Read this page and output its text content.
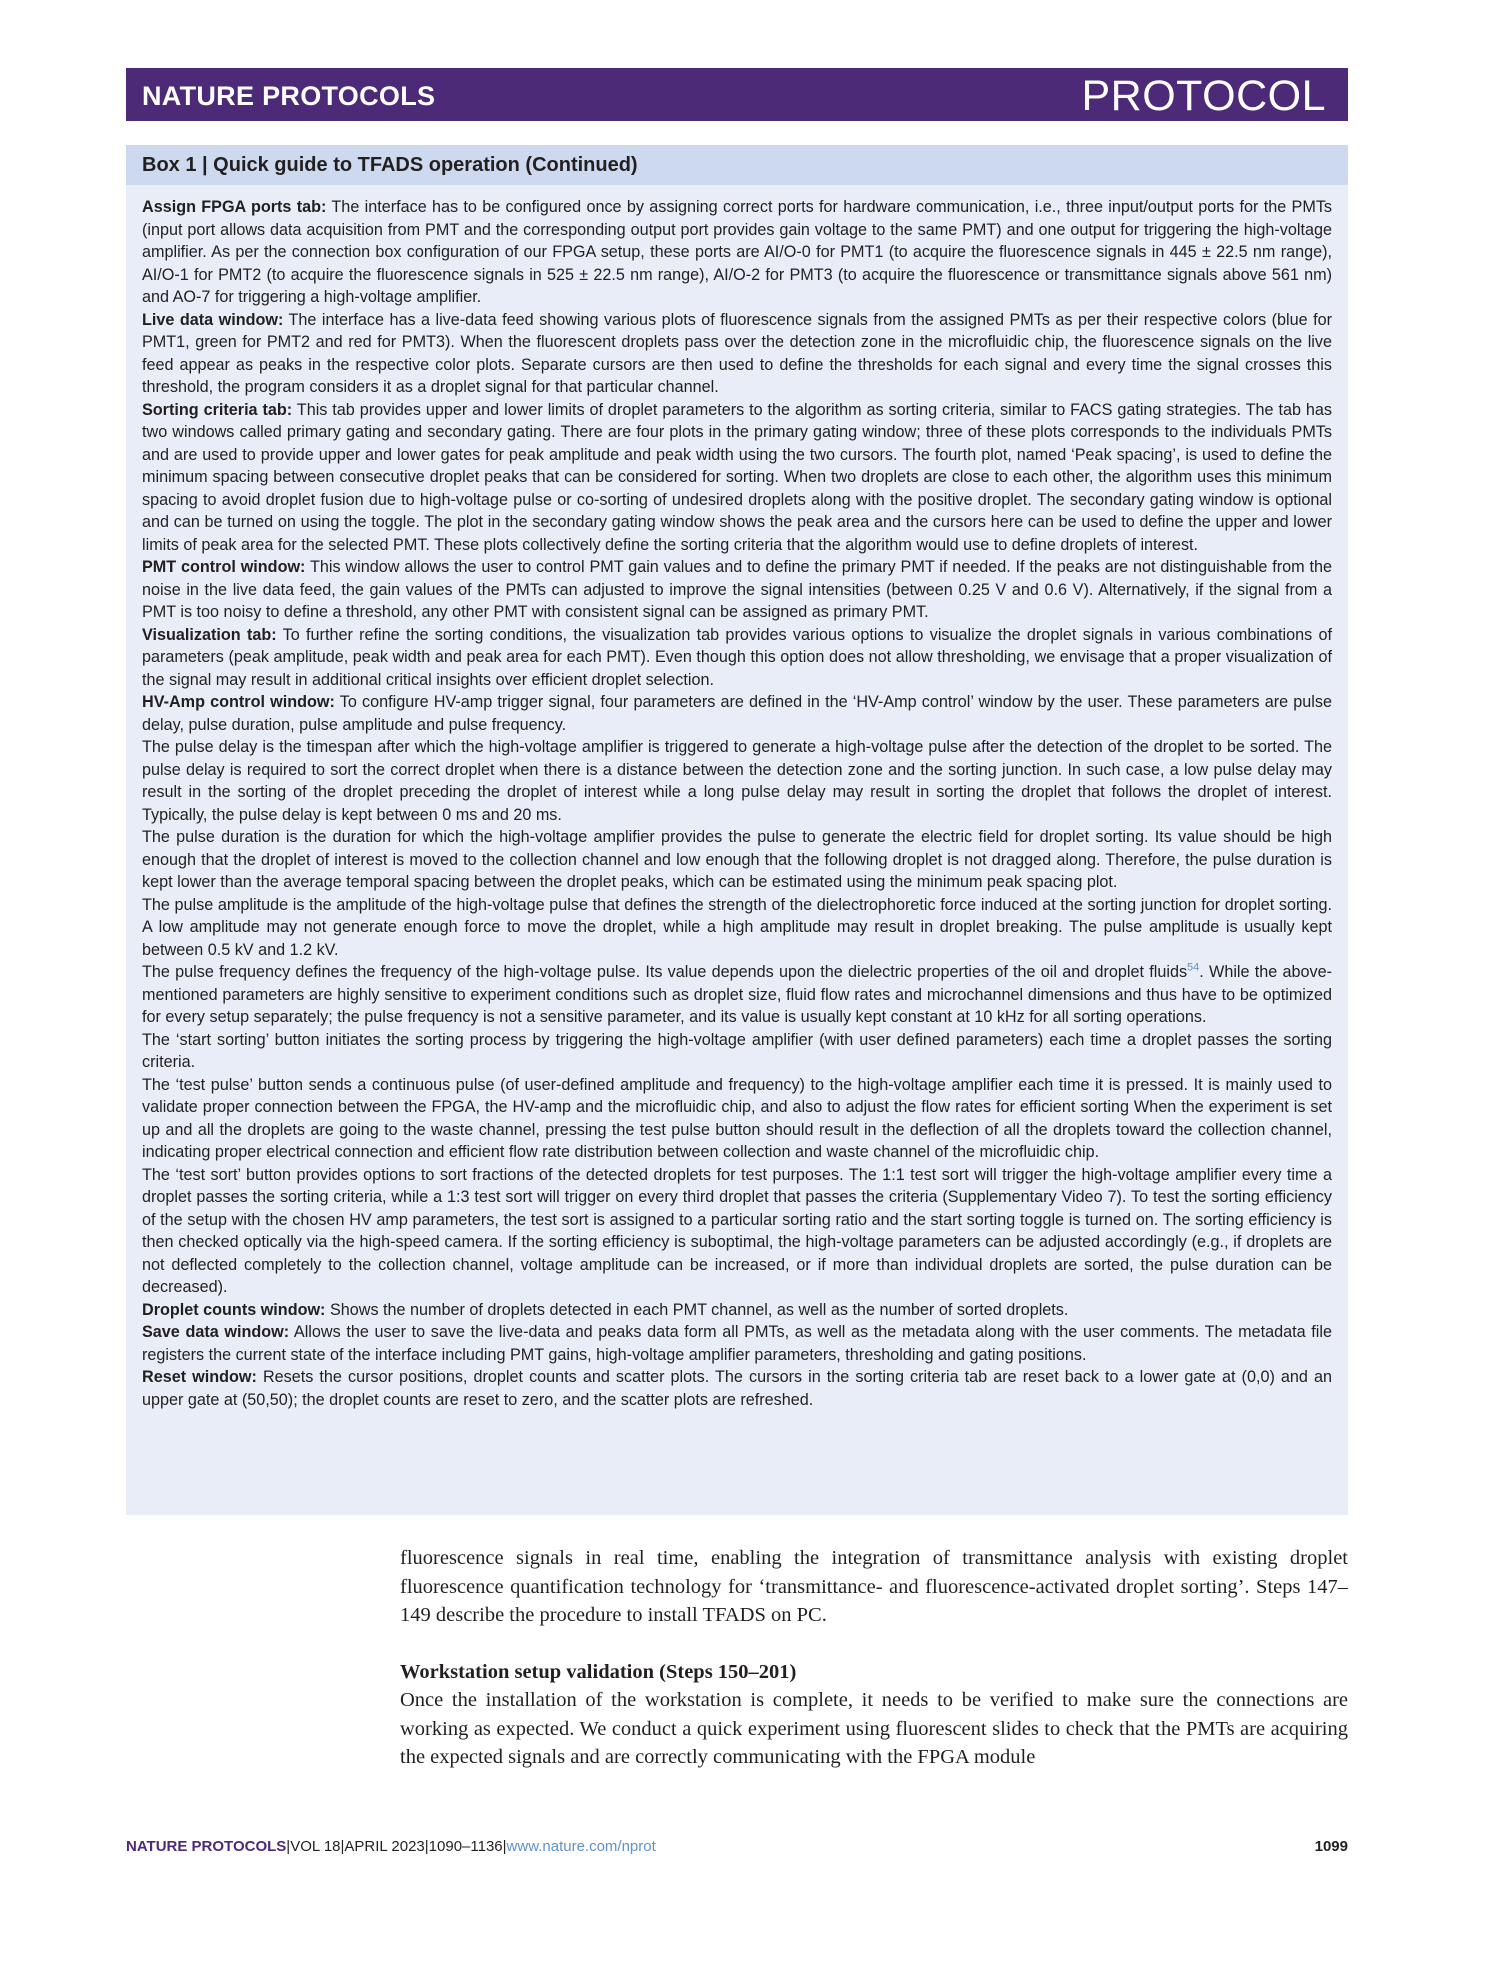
NATURE PROTOCOLS	PROTOCOL
Box 1 | Quick guide to TFADS operation (Continued)

Assign FPGA ports tab: The interface has to be configured once by assigning correct ports for hardware communication, i.e., three input/output ports for the PMTs (input port allows data acquisition from PMT and the corresponding output port provides gain voltage to the same PMT) and one output for triggering the high-voltage amplifier. As per the connection box configuration of our FPGA setup, these ports are AI/O-0 for PMT1 (to acquire the fluorescence signals in 445 ± 22.5 nm range), AI/O-1 for PMT2 (to acquire the fluorescence signals in 525 ± 22.5 nm range), AI/O-2 for PMT3 (to acquire the fluorescence or transmittance signals above 561 nm) and AO-7 for triggering a high-voltage amplifier.

Live data window: The interface has a live-data feed showing various plots of fluorescence signals from the assigned PMTs as per their respective colors (blue for PMT1, green for PMT2 and red for PMT3). When the fluorescent droplets pass over the detection zone in the microfluidic chip, the fluorescence signals on the live feed appear as peaks in the respective color plots. Separate cursors are then used to define the thresholds for each signal and every time the signal crosses this threshold, the program considers it as a droplet signal for that particular channel.

Sorting criteria tab: This tab provides upper and lower limits of droplet parameters to the algorithm as sorting criteria, similar to FACS gating strategies. The tab has two windows called primary gating and secondary gating. There are four plots in the primary gating window; three of these plots corresponds to the individuals PMTs and are used to provide upper and lower gates for peak amplitude and peak width using the two cursors. The fourth plot, named ‘Peak spacing’, is used to define the minimum spacing between consecutive droplet peaks that can be considered for sorting. When two droplets are close to each other, the algorithm uses this minimum spacing to avoid droplet fusion due to high-voltage pulse or co-sorting of undesired droplets along with the positive droplet. The secondary gating window is optional and can be turned on using the toggle. The plot in the secondary gating window shows the peak area and the cursors here can be used to define the upper and lower limits of peak area for the selected PMT. These plots collectively define the sorting criteria that the algorithm would use to define droplets of interest.

PMT control window: This window allows the user to control PMT gain values and to define the primary PMT if needed. If the peaks are not distinguishable from the noise in the live data feed, the gain values of the PMTs can adjusted to improve the signal intensities (between 0.25 V and 0.6 V). Alternatively, if the signal from a PMT is too noisy to define a threshold, any other PMT with consistent signal can be assigned as primary PMT.

Visualization tab: To further refine the sorting conditions, the visualization tab provides various options to visualize the droplet signals in various combinations of parameters (peak amplitude, peak width and peak area for each PMT). Even though this option does not allow thresholding, we envisage that a proper visualization of the signal may result in additional critical insights over efficient droplet selection.

HV-Amp control window: To configure HV-amp trigger signal, four parameters are defined in the ‘HV-Amp control’ window by the user. These parameters are pulse delay, pulse duration, pulse amplitude and pulse frequency.

The pulse delay is the timespan after which the high-voltage amplifier is triggered to generate a high-voltage pulse after the detection of the droplet to be sorted. The pulse delay is required to sort the correct droplet when there is a distance between the detection zone and the sorting junction. In such case, a low pulse delay may result in the sorting of the droplet preceding the droplet of interest while a long pulse delay may result in sorting the droplet that follows the droplet of interest. Typically, the pulse delay is kept between 0 ms and 20 ms.

The pulse duration is the duration for which the high-voltage amplifier provides the pulse to generate the electric field for droplet sorting. Its value should be high enough that the droplet of interest is moved to the collection channel and low enough that the following droplet is not dragged along. Therefore, the pulse duration is kept lower than the average temporal spacing between the droplet peaks, which can be estimated using the minimum peak spacing plot.

The pulse amplitude is the amplitude of the high-voltage pulse that defines the strength of the dielectrophoretic force induced at the sorting junction for droplet sorting. A low amplitude may not generate enough force to move the droplet, while a high amplitude may result in droplet breaking. The pulse amplitude is usually kept between 0.5 kV and 1.2 kV.

The pulse frequency defines the frequency of the high-voltage pulse. Its value depends upon the dielectric properties of the oil and droplet fluids$^{54}$. While the above-mentioned parameters are highly sensitive to experiment conditions such as droplet size, fluid flow rates and microchannel dimensions and thus have to be optimized for every setup separately; the pulse frequency is not a sensitive parameter, and its value is usually kept constant at 10 kHz for all sorting operations.

The ‘start sorting’ button initiates the sorting process by triggering the high-voltage amplifier (with user defined parameters) each time a droplet passes the sorting criteria.

The ‘test pulse’ button sends a continuous pulse (of user-defined amplitude and frequency) to the high-voltage amplifier each time it is pressed. It is mainly used to validate proper connection between the FPGA, the HV-amp and the microfluidic chip, and also to adjust the flow rates for efficient sorting When the experiment is set up and all the droplets are going to the waste channel, pressing the test pulse button should result in the deflection of all the droplets toward the collection channel, indicating proper electrical connection and efficient flow rate distribution between collection and waste channel of the microfluidic chip.

The ‘test sort’ button provides options to sort fractions of the detected droplets for test purposes. The 1:1 test sort will trigger the high-voltage amplifier every time a droplet passes the sorting criteria, while a 1:3 test sort will trigger on every third droplet that passes the criteria (Supplementary Video 7). To test the sorting efficiency of the setup with the chosen HV amp parameters, the test sort is assigned to a particular sorting ratio and the start sorting toggle is turned on. The sorting efficiency is then checked optically via the high-speed camera. If the sorting efficiency is suboptimal, the high-voltage parameters can be adjusted accordingly (e.g., if droplets are not deflected completely to the collection channel, voltage amplitude can be increased, or if more than individual droplets are sorted, the pulse duration can be decreased).

Droplet counts window: Shows the number of droplets detected in each PMT channel, as well as the number of sorted droplets.

Save data window: Allows the user to save the live-data and peaks data form all PMTs, as well as the metadata along with the user comments. The metadata file registers the current state of the interface including PMT gains, high-voltage amplifier parameters, thresholding and gating positions.

Reset window: Resets the cursor positions, droplet counts and scatter plots. The cursors in the sorting criteria tab are reset back to a lower gate at (0,0) and an upper gate at (50,50); the droplet counts are reset to zero, and the scatter plots are refreshed.

fluorescence signals in real time, enabling the integration of transmittance analysis with existing droplet fluorescence quantification technology for ‘transmittance- and fluorescence-activated droplet sorting’. Steps 147–149 describe the procedure to install TFADS on PC.

Workstation setup validation (Steps 150–201)

Once the installation of the workstation is complete, it needs to be verified to make sure the connections are working as expected. We conduct a quick experiment using fluorescent slides to check that the PMTs are acquiring the expected signals and are correctly communicating with the FPGA module

NATURE PROTOCOLS|VOL 18|APRIL 2023|1090–1136|www.nature.com/nprot	1099
